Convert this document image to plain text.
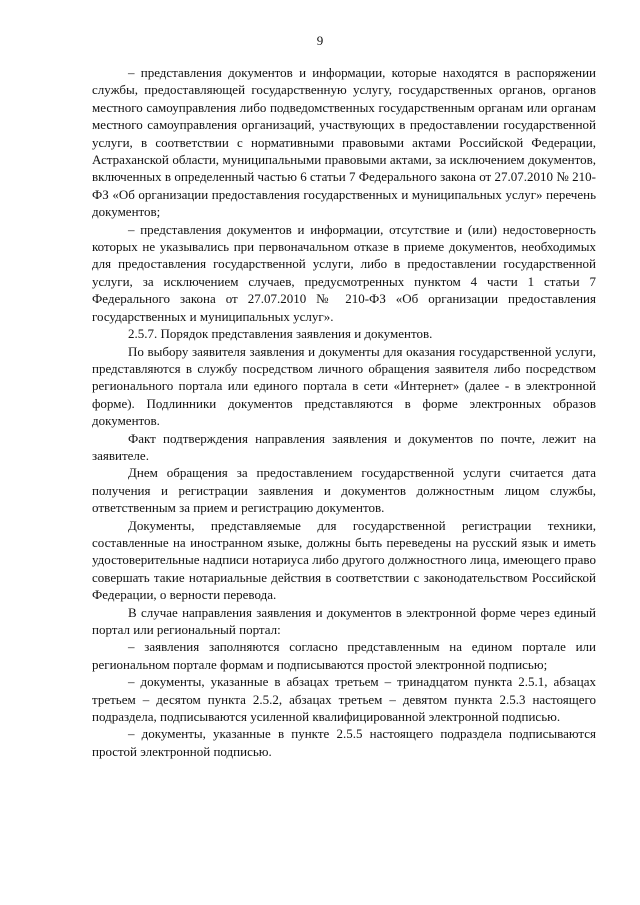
9

– представления документов и информации, которые находятся в распоряжении службы, предоставляющей государственную услугу, государственных органов, органов местного самоуправления либо подведомственных государственным органам или органам местного самоуправления организаций, участвующих в предоставлении государственной услуги, в соответствии с нормативными правовыми актами Российской Федерации, Астраханской области, муниципальными правовыми актами, за исключением документов, включенных в определенный частью 6 статьи 7 Федерального закона от 27.07.2010 № 210-ФЗ «Об организации предоставления государственных и муниципальных услуг» перечень документов;

– представления документов и информации, отсутствие и (или) недостоверность которых не указывались при первоначальном отказе в приеме документов, необходимых для предоставления государственной услуги, либо в предоставлении государственной услуги, за исключением случаев, предусмотренных пунктом 4 части 1 статьи 7 Федерального закона от 27.07.2010 № 210-ФЗ «Об организации предоставления государственных и муниципальных услуг».

2.5.7. Порядок представления заявления и документов.

По выбору заявителя заявления и документы для оказания государственной услуги, представляются в службу посредством личного обращения заявителя либо посредством регионального портала или единого портала в сети «Интернет» (далее - в электронной форме). Подлинники документов представляются в форме электронных образов документов.

Факт подтверждения направления заявления и документов по почте, лежит на заявителе.

Днем обращения за предоставлением государственной услуги считается дата получения и регистрации заявления и документов должностным лицом службы, ответственным за прием и регистрацию документов.

Документы, представляемые для государственной регистрации техники, составленные на иностранном языке, должны быть переведены на русский язык и иметь удостоверительные надписи нотариуса либо другого должностного лица, имеющего право совершать такие нотариальные действия в соответствии с законодательством Российской Федерации, о верности перевода.

В случае направления заявления и документов в электронной форме через единый портал или региональный портал:

– заявления заполняются согласно представленным на едином портале или региональном портале формам и подписываются простой электронной подписью;

– документы, указанные в абзацах третьем – тринадцатом пункта 2.5.1, абзацах третьем – десятом пункта 2.5.2, абзацах третьем – девятом пункта 2.5.3 настоящего подраздела, подписываются усиленной квалифицированной электронной подписью.

– документы, указанные в пункте 2.5.5 настоящего подраздела подписываются простой электронной подписью.
